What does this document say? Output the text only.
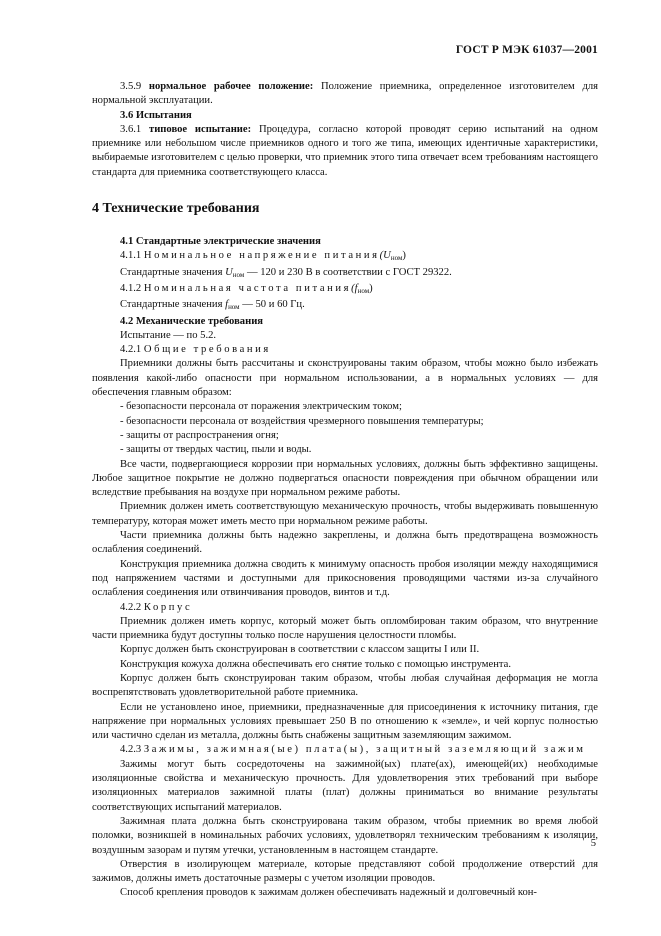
ГОСТ Р МЭК 61037—2001

3.5.9 нормальное рабочее положение: Положение приемника, определенное изготовителем для нормальной эксплуатации.

3.6 Испытания

3.6.1 типовое испытание: Процедура, согласно которой проводят серию испытаний на одном приемнике или небольшом числе приемников одного и того же типа, имеющих идентичные характеристики, выбираемые изготовителем с целью проверки, что приемник этого типа отвечает всем требованиям настоящего стандарта для приемника соответствующего класса.

4 Технические требования

4.1 Стандартные электрические значения

4.1.1 Номинальное напряжение $питания(U_{ном})$

Стандартные значения $U_{ном}$ — 120 и 230 В в соответствии с ГОСТ 29322.

4.1.2 Номинальная частота $питания(f_{ном})$

Стандартные значения $f_{ном}$ — 50 и 60 Гц.

4.2 Механические требования

Испытание — по 5.2.

4.2.1 Общие требования

Приемники должны быть рассчитаны и сконструированы таким образом, чтобы можно было избежать появления какой-либо опасности при нормальном использовании, а в нормальных условиях — для обеспечения главным образом:

- безопасности персонала от поражения электрическим током;

- безопасности персонала от воздействия чрезмерного повышения температуры;

- защиты от распространения огня;

- защиты от твердых частиц, пыли и воды.

Все части, подвергающиеся коррозии при нормальных условиях, должны быть эффективно защищены. Любое защитное покрытие не должно подвергаться опасности повреждения при обычном обращении или вследствие пребывания на воздухе при нормальном режиме работы.

Приемник должен иметь соответствующую механическую прочность, чтобы выдерживать повышенную температуру, которая может иметь место при нормальном режиме работы.

Части приемника должны быть надежно закреплены, и должна быть предотвращена возможность ослабления соединений.

Конструкция приемника должна сводить к минимуму опасность пробоя изоляции между находящимися под напряжением частями и доступными для прикосновения проводящими частями из-за случайного ослабления соединения или отвинчивания проводов, винтов и т.д.

4.2.2 Корпус

Приемник должен иметь корпус, который может быть опломбирован таким образом, что внутренние части приемника будут доступны только после нарушения целостности пломбы.

Корпус должен быть сконструирован в соответствии с классом защиты I или II.

Конструкция кожуха должна обеспечивать его снятие только с помощью инструмента.

Корпус должен быть сконструирован таким образом, чтобы любая случайная деформация не могла воспрепятствовать удовлетворительной работе приемника.

Если не установлено иное, приемники, предназначенные для присоединения к источнику питания, где напряжение при нормальных условиях превышает 250 В по отношению к «земле», и чей корпус полностью или частично сделан из металла, должны быть снабжены защитным заземляющим зажимом.

4.2.3 Зажимы, зажимная(ые) плата(ы), защитный заземляющий зажим

Зажимы могут быть сосредоточены на зажимной(ых) плате(ах), имеющей(их) необходимые изоляционные свойства и механическую прочность. Для удовлетворения этих требований при выборе изоляционных материалов зажимной платы (плат) должны приниматься во внимание результаты соответствующих испытаний материалов.

Зажимная плата должна быть сконструирована таким образом, чтобы приемник во время любой поломки, возникшей в номинальных рабочих условиях, удовлетворял техническим требованиям к изоляции, воздушным зазорам и путям утечки, установленным в настоящем стандарте.

Отверстия в изолирующем материале, которые представляют собой продолжение отверстий для зажимов, должны иметь достаточные размеры с учетом изоляции проводов.

Способ крепления проводов к зажимам должен обеспечивать надежный и долговечный кон-

5
